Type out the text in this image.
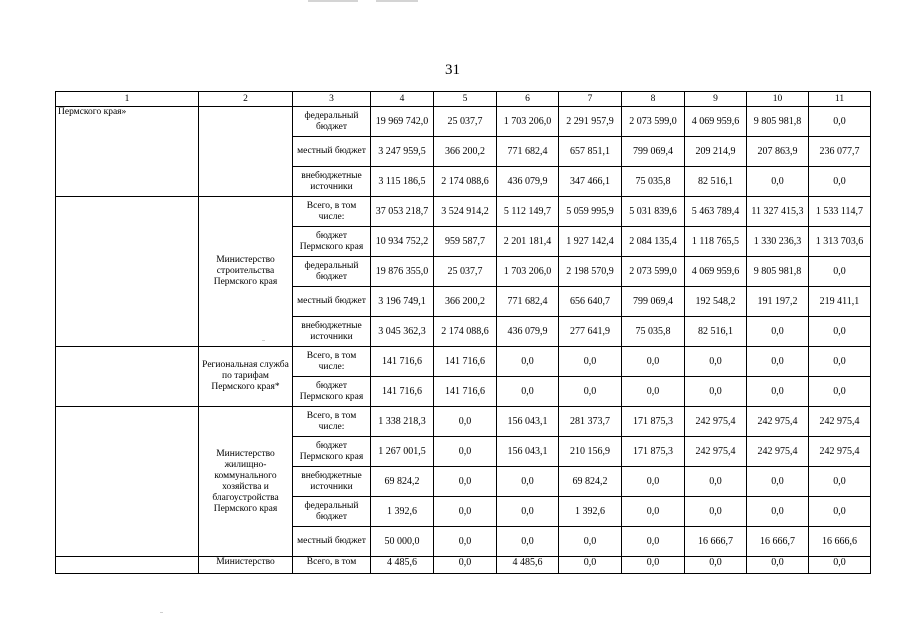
31
1	2	3	4	5	6	7	8	9	10	11
Пермского края»		федеральный бюджет	19 969 742,0	25 037,7	1 703 206,0	2 291 957,9	2 073 599,0	4 069 959,6	9 805 981,8	0,0
		местный бюджет	3 247 959,5	366 200,2	771 682,4	657 851,1	799 069,4	209 214,9	207 863,9	236 077,7
		внебюджетные источники	3 115 186,5	2 174 088,6	436 079,9	347 466,1	75 035,8	82 516,1	0,0	0,0
	Министерство строительства Пермского края	Всего, в том числе:	37 053 218,7	3 524 914,2	5 112 149,7	5 059 995,9	5 031 839,6	5 463 789,4	11 327 415,3	1 533 114,7
		бюджет Пермского края	10 934 752,2	959 587,7	2 201 181,4	1 927 142,4	2 084 135,4	1 118 765,5	1 330 236,3	1 313 703,6
		федеральный бюджет	19 876 355,0	25 037,7	1 703 206,0	2 198 570,9	2 073 599,0	4 069 959,6	9 805 981,8	0,0
		местный бюджет	3 196 749,1	366 200,2	771 682,4	656 640,7	799 069,4	192 548,2	191 197,2	219 411,1
		внебюджетные источники	3 045 362,3	2 174 088,6	436 079,9	277 641,9	75 035,8	82 516,1	0,0	0,0
	Региональная служба по тарифам Пермского края*	Всего, в том числе:	141 716,6	141 716,6	0,0	0,0	0,0	0,0	0,0	0,0
		бюджет Пермского края	141 716,6	141 716,6	0,0	0,0	0,0	0,0	0,0	0,0
	Министерство жилищно-коммунального хозяйства и благоустройства Пермского края	Всего, в том числе:	1 338 218,3	0,0	156 043,1	281 373,7	171 875,3	242 975,4	242 975,4	242 975,4
		бюджет Пермского края	1 267 001,5	0,0	156 043,1	210 156,9	171 875,3	242 975,4	242 975,4	242 975,4
		внебюджетные источники	69 824,2	0,0	0,0	69 824,2	0,0	0,0	0,0	0,0
		федеральный бюджет	1 392,6	0,0	0,0	1 392,6	0,0	0,0	0,0	0,0
		местный бюджет	50 000,0	0,0	0,0	0,0	0,0	16 666,7	16 666,7	16 666,6
	Министерство	Всего, в том	4 485,6	0,0	4 485,6	0,0	0,0	0,0	0,0	0,0
